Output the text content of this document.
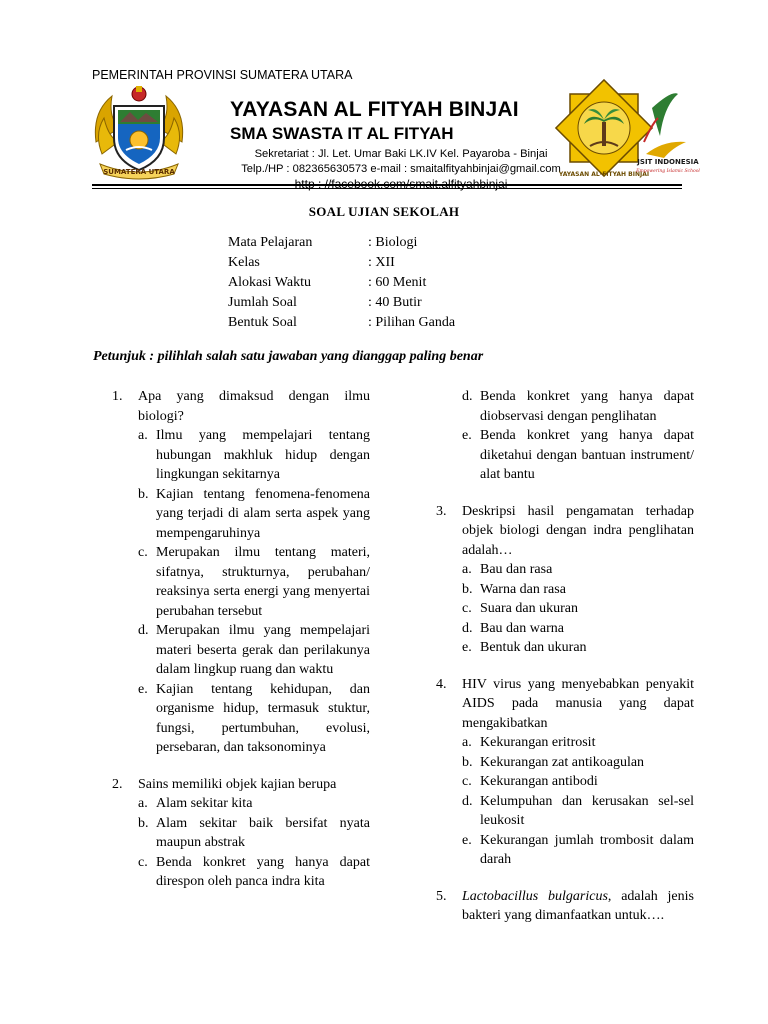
PEMERINTAH PROVINSI SUMATERA UTARA
SUMATERA UTARA
YAYASAN AL FITYAH BINJAI
SMA SWASTA IT AL FITYAH
Sekretariat : Jl. Let. Umar Baki LK.IV Kel. Payaroba - Binjai
Telp./HP : 082365630573 e-mail : smaitalfityahbinjai@gmail.com
YAYASAN AL-FITYAH BINJAI
JSIT INDONESIA
Empowering Islamic School
SOAL UJIAN SEKOLAH
Mata Pelajaran	: Biologi
Kelas	: XII
Alokasi Waktu	: 60 Menit
Jumlah Soal	: 40 Butir
Bentuk Soal	: Pilihan Ganda
Petunjuk : pilihlah salah satu jawaban yang dianggap paling benar
1.	Apa yang dimaksud dengan ilmu biologi?
a. Ilmu yang mempelajari tentang hubungan makhluk hidup dengan lingkungan sekitarnya
b. Kajian tentang fenomena-fenomena yang terjadi di alam serta aspek yang mempengaruhinya
c. Merupakan ilmu tentang materi, sifatnya, strukturnya, perubahan/ reaksinya serta energi yang menyertai perubahan tersebut
d. Merupakan ilmu yang mempelajari materi beserta gerak dan perilakunya dalam lingkup ruang dan waktu
e. Kajian tentang kehidupan, dan organisme hidup, termasuk stuktur, fungsi, pertumbuhan, evolusi, persebaran, dan taksonominya
2.	Sains memiliki objek kajian berupa
a. Alam sekitar kita
b. Alam sekitar baik bersifat nyata maupun abstrak
c. Benda konkret yang hanya dapat direspon oleh panca indra kita
d. Benda konkret yang hanya dapat diobservasi dengan penglihatan
e. Benda konkret yang hanya dapat diketahui dengan bantuan instrument/ alat bantu
3.	Deskripsi hasil pengamatan terhadap objek biologi dengan indra penglihatan adalah…
a. Bau dan rasa
b. Warna dan rasa
c. Suara dan ukuran
d. Bau dan warna
e. Bentuk dan ukuran
4.	HIV virus yang menyebabkan penyakit AIDS pada manusia yang dapat mengakibatkan
a. Kekurangan eritrosit
b. Kekurangan zat antikoagulan
c. Kekurangan antibodi
d. Kelumpuhan dan kerusakan sel-sel leukosit
e. Kekurangan jumlah trombosit dalam darah
5.	Lactobacillus bulgaricus, adalah jenis bakteri yang dimanfaatkan untuk….
